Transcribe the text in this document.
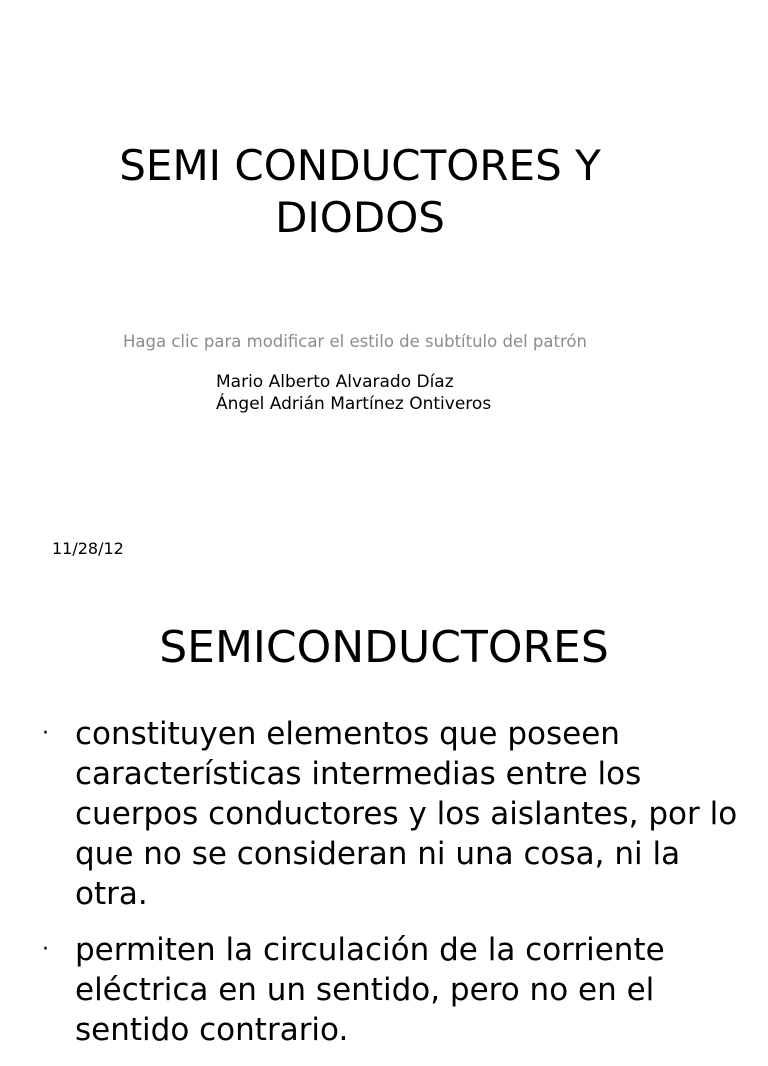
SEMI CONDUCTORES Y DIODOS
Haga clic para modificar el estilo de subtítulo del patrón
Mario Alberto Alvarado Díaz
Ángel Adrián Martínez Ontiveros
11/28/12
SEMICONDUCTORES
· constituyen elementos que poseen características intermedias entre los cuerpos conductores y los aislantes, por lo que no se consideran ni una cosa, ni la otra.
· permiten la circulación de la corriente eléctrica en un sentido, pero no en el sentido contrario.
